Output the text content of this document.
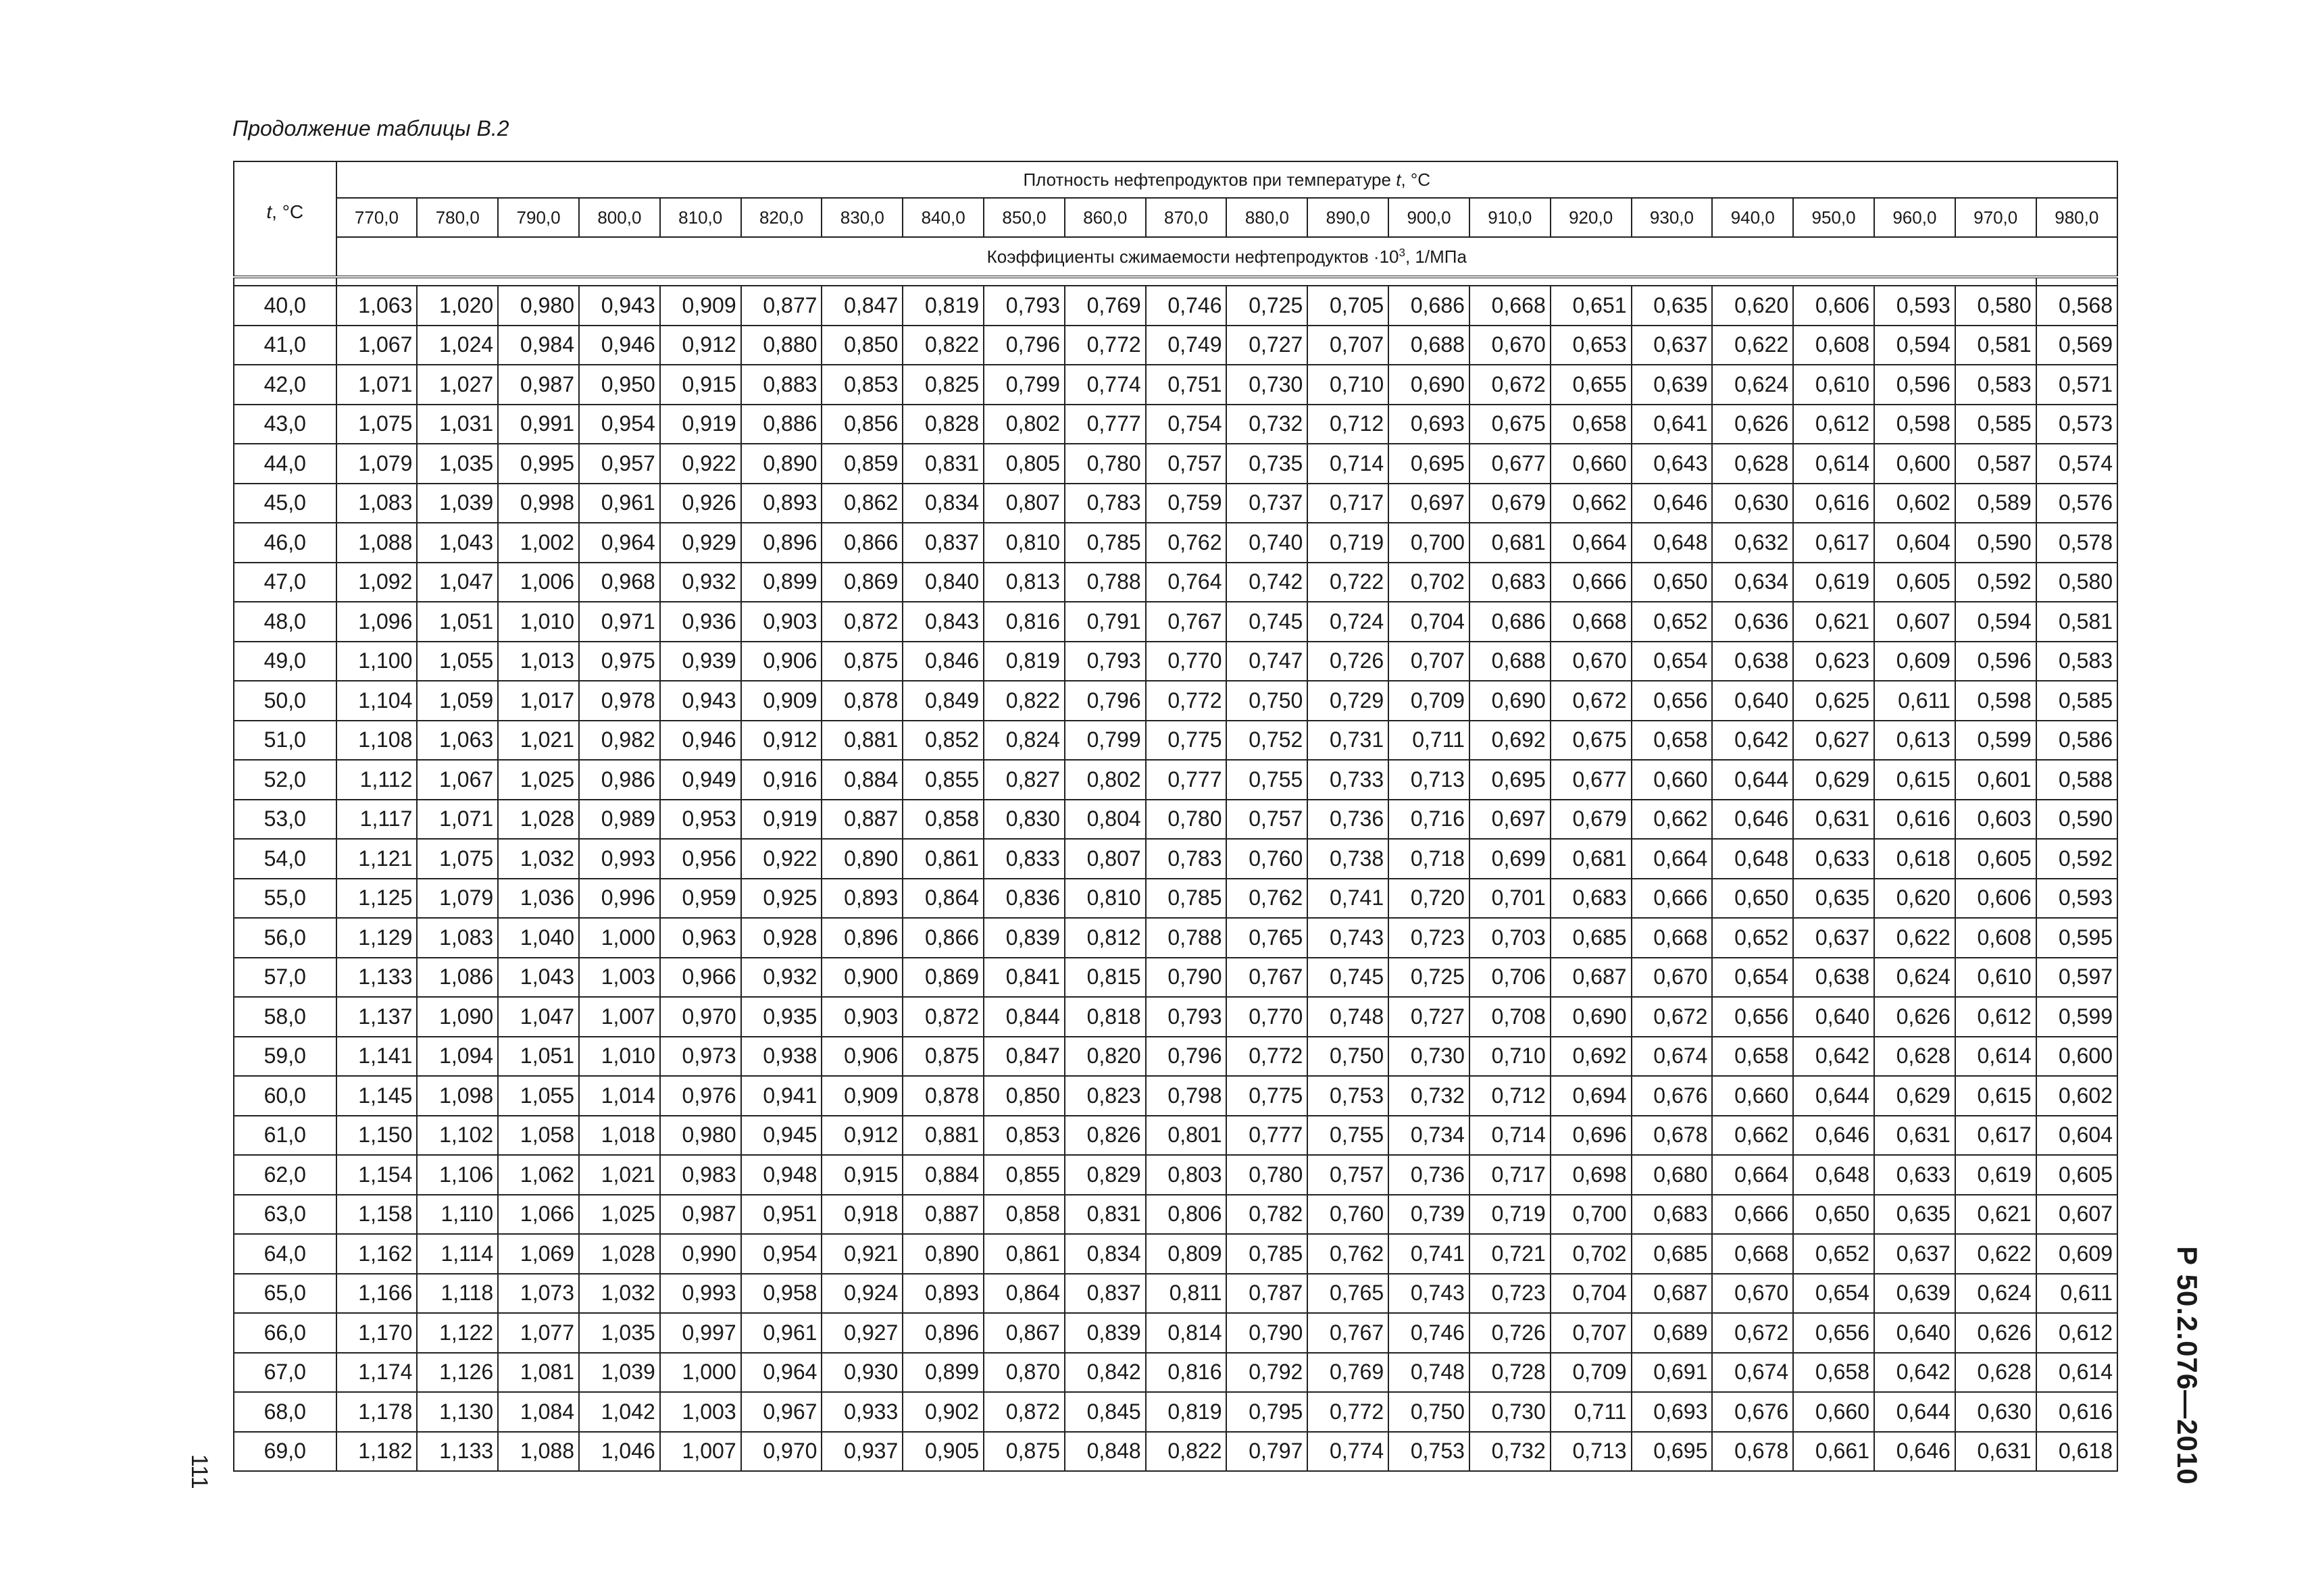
Продолжение таблицы В.2
t, °С	Плотность нефтепродуктов при температуре t, °С																					
	770,0	780,0	790,0	800,0	810,0	820,0	830,0	840,0	850,0	860,0	870,0	880,0	890,0	900,0	910,0	920,0	930,0	940,0	950,0	960,0	970,0	980,0
	Коэффициенты сжимаемости нефтепродуктов $\cdot 10^3$, 1/МПа																					

40,0	1,063	1,020	0,980	0,943	0,909	0,877	0,847	0,819	0,793	0,769	0,746	0,725	0,705	0,686	0,668	0,651	0,635	0,620	0,606	0,593	0,580	0,568
41,0	1,067	1,024	0,984	0,946	0,912	0,880	0,850	0,822	0,796	0,772	0,749	0,727	0,707	0,688	0,670	0,653	0,637	0,622	0,608	0,594	0,581	0,569
42,0	1,071	1,027	0,987	0,950	0,915	0,883	0,853	0,825	0,799	0,774	0,751	0,730	0,710	0,690	0,672	0,655	0,639	0,624	0,610	0,596	0,583	0,571
43,0	1,075	1,031	0,991	0,954	0,919	0,886	0,856	0,828	0,802	0,777	0,754	0,732	0,712	0,693	0,675	0,658	0,641	0,626	0,612	0,598	0,585	0,573
44,0	1,079	1,035	0,995	0,957	0,922	0,890	0,859	0,831	0,805	0,780	0,757	0,735	0,714	0,695	0,677	0,660	0,643	0,628	0,614	0,600	0,587	0,574
45,0	1,083	1,039	0,998	0,961	0,926	0,893	0,862	0,834	0,807	0,783	0,759	0,737	0,717	0,697	0,679	0,662	0,646	0,630	0,616	0,602	0,589	0,576
46,0	1,088	1,043	1,002	0,964	0,929	0,896	0,866	0,837	0,810	0,785	0,762	0,740	0,719	0,700	0,681	0,664	0,648	0,632	0,617	0,604	0,590	0,578
47,0	1,092	1,047	1,006	0,968	0,932	0,899	0,869	0,840	0,813	0,788	0,764	0,742	0,722	0,702	0,683	0,666	0,650	0,634	0,619	0,605	0,592	0,580
48,0	1,096	1,051	1,010	0,971	0,936	0,903	0,872	0,843	0,816	0,791	0,767	0,745	0,724	0,704	0,686	0,668	0,652	0,636	0,621	0,607	0,594	0,581
49,0	1,100	1,055	1,013	0,975	0,939	0,906	0,875	0,846	0,819	0,793	0,770	0,747	0,726	0,707	0,688	0,670	0,654	0,638	0,623	0,609	0,596	0,583
50,0	1,104	1,059	1,017	0,978	0,943	0,909	0,878	0,849	0,822	0,796	0,772	0,750	0,729	0,709	0,690	0,672	0,656	0,640	0,625	0,611	0,598	0,585
51,0	1,108	1,063	1,021	0,982	0,946	0,912	0,881	0,852	0,824	0,799	0,775	0,752	0,731	0,711	0,692	0,675	0,658	0,642	0,627	0,613	0,599	0,586
52,0	1,112	1,067	1,025	0,986	0,949	0,916	0,884	0,855	0,827	0,802	0,777	0,755	0,733	0,713	0,695	0,677	0,660	0,644	0,629	0,615	0,601	0,588
53,0	1,117	1,071	1,028	0,989	0,953	0,919	0,887	0,858	0,830	0,804	0,780	0,757	0,736	0,716	0,697	0,679	0,662	0,646	0,631	0,616	0,603	0,590
54,0	1,121	1,075	1,032	0,993	0,956	0,922	0,890	0,861	0,833	0,807	0,783	0,760	0,738	0,718	0,699	0,681	0,664	0,648	0,633	0,618	0,605	0,592
55,0	1,125	1,079	1,036	0,996	0,959	0,925	0,893	0,864	0,836	0,810	0,785	0,762	0,741	0,720	0,701	0,683	0,666	0,650	0,635	0,620	0,606	0,593
56,0	1,129	1,083	1,040	1,000	0,963	0,928	0,896	0,866	0,839	0,812	0,788	0,765	0,743	0,723	0,703	0,685	0,668	0,652	0,637	0,622	0,608	0,595
57,0	1,133	1,086	1,043	1,003	0,966	0,932	0,900	0,869	0,841	0,815	0,790	0,767	0,745	0,725	0,706	0,687	0,670	0,654	0,638	0,624	0,610	0,597
58,0	1,137	1,090	1,047	1,007	0,970	0,935	0,903	0,872	0,844	0,818	0,793	0,770	0,748	0,727	0,708	0,690	0,672	0,656	0,640	0,626	0,612	0,599
59,0	1,141	1,094	1,051	1,010	0,973	0,938	0,906	0,875	0,847	0,820	0,796	0,772	0,750	0,730	0,710	0,692	0,674	0,658	0,642	0,628	0,614	0,600
60,0	1,145	1,098	1,055	1,014	0,976	0,941	0,909	0,878	0,850	0,823	0,798	0,775	0,753	0,732	0,712	0,694	0,676	0,660	0,644	0,629	0,615	0,602
61,0	1,150	1,102	1,058	1,018	0,980	0,945	0,912	0,881	0,853	0,826	0,801	0,777	0,755	0,734	0,714	0,696	0,678	0,662	0,646	0,631	0,617	0,604
62,0	1,154	1,106	1,062	1,021	0,983	0,948	0,915	0,884	0,855	0,829	0,803	0,780	0,757	0,736	0,717	0,698	0,680	0,664	0,648	0,633	0,619	0,605
63,0	1,158	1,110	1,066	1,025	0,987	0,951	0,918	0,887	0,858	0,831	0,806	0,782	0,760	0,739	0,719	0,700	0,683	0,666	0,650	0,635	0,621	0,607
64,0	1,162	1,114	1,069	1,028	0,990	0,954	0,921	0,890	0,861	0,834	0,809	0,785	0,762	0,741	0,721	0,702	0,685	0,668	0,652	0,637	0,622	0,609
65,0	1,166	1,118	1,073	1,032	0,993	0,958	0,924	0,893	0,864	0,837	0,811	0,787	0,765	0,743	0,723	0,704	0,687	0,670	0,654	0,639	0,624	0,611
66,0	1,170	1,122	1,077	1,035	0,997	0,961	0,927	0,896	0,867	0,839	0,814	0,790	0,767	0,746	0,726	0,707	0,689	0,672	0,656	0,640	0,626	0,612
67,0	1,174	1,126	1,081	1,039	1,000	0,964	0,930	0,899	0,870	0,842	0,816	0,792	0,769	0,748	0,728	0,709	0,691	0,674	0,658	0,642	0,628	0,614
68,0	1,178	1,130	1,084	1,042	1,003	0,967	0,933	0,902	0,872	0,845	0,819	0,795	0,772	0,750	0,730	0,711	0,693	0,676	0,660	0,644	0,630	0,616
69,0	1,182	1,133	1,088	1,046	1,007	0,970	0,937	0,905	0,875	0,848	0,822	0,797	0,774	0,753	0,732	0,713	0,695	0,678	0,661	0,646	0,631	0,618
111	Р 50.2.076—2010
